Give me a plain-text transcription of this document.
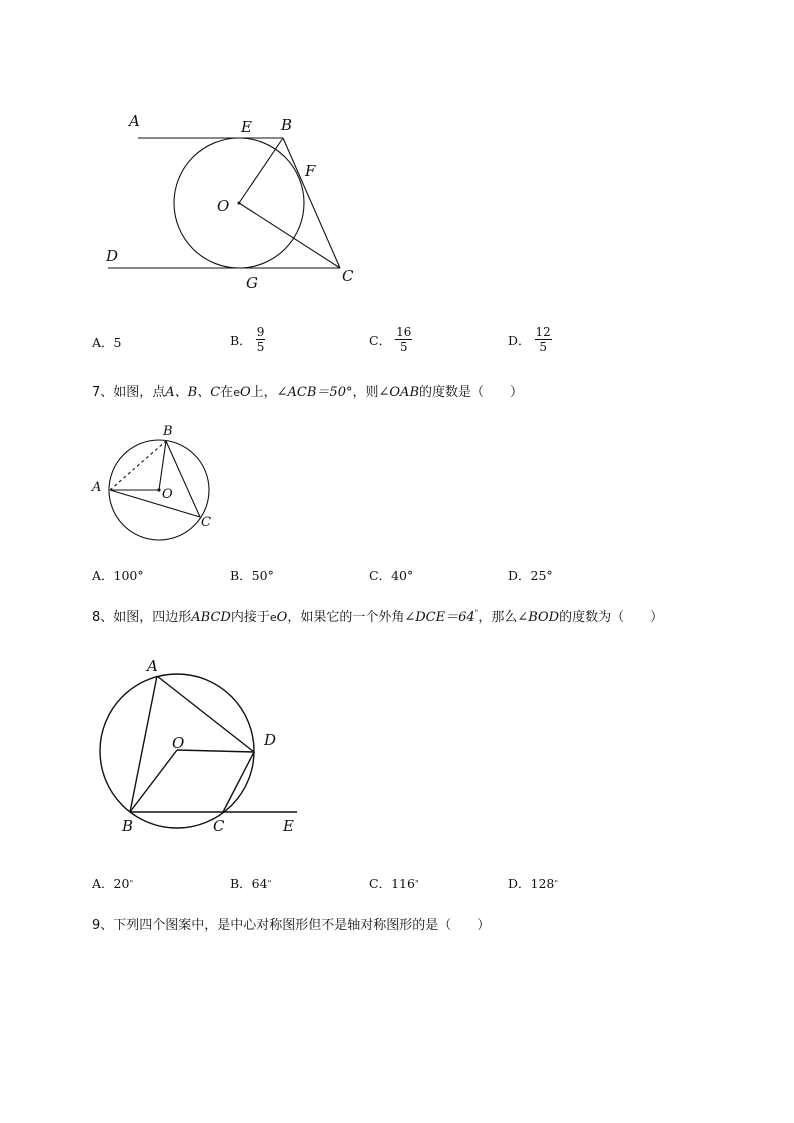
A	E B
F
O
D
G	C
A． 5	B． $\frac{9}{5}$	C． $\frac{16}{5}$	D． $\frac{12}{5}$
7、如图，点A、B、C在eO上，∠ACB＝50°，则∠OAB的度数是（　　）
A
B
O
C
A．100°	B．50°	C．40°	D．25°
8、如图，四边形ABCD内接于eO，如果它的一个外角∠DCE＝64"，那么∠BOD的度数为（　　）
A
O	D
B	C	E
A．20 "	B．64 "	C．116 "	D．128 "
9、下列四个图案中，是中心对称图形但不是轴对称图形的是（　　）
